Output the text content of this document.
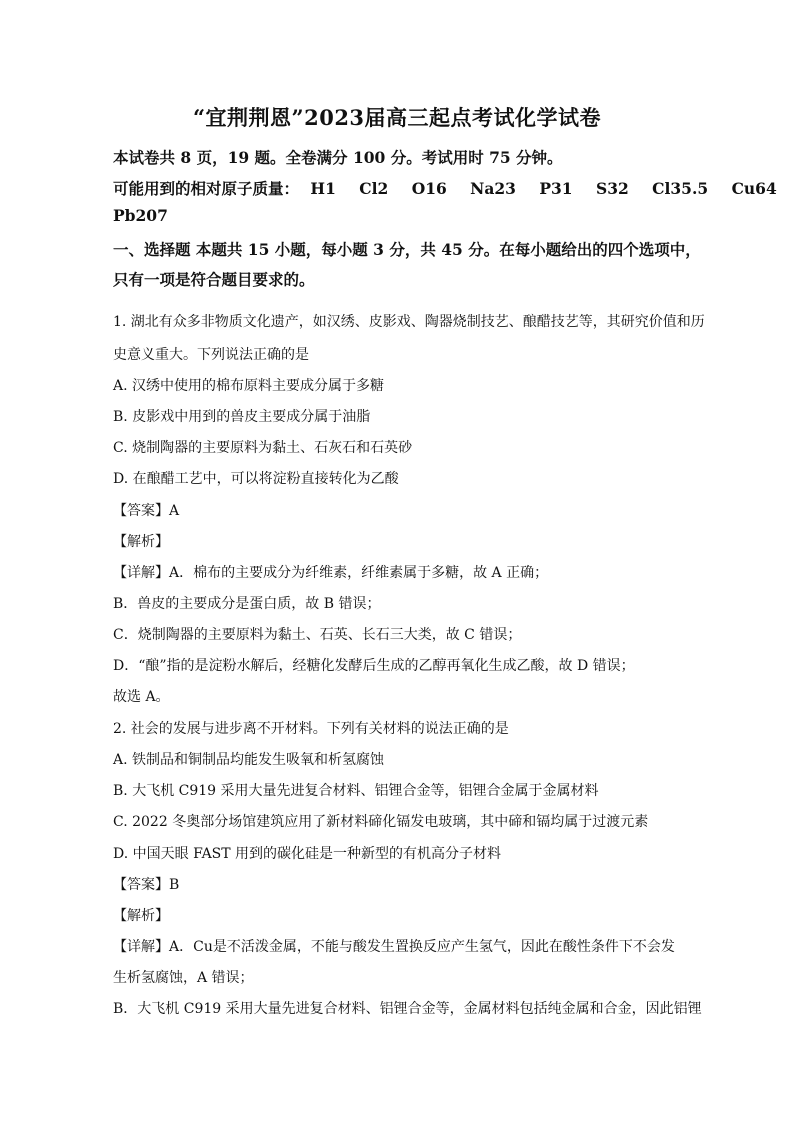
“宜荆荆恩”2023届高三起点考试化学试卷
本试卷共 8 页，19 题。全卷满分 100 分。考试用时 75 分钟。
可能用到的相对原子质量： H1 Cl2 O16 Na23 P31 S32 Cl35.5 Cu64
Pb207
一、选择题 本题共 15 小题，每小题 3 分，共 45 分。在每小题给出的四个选项中，
只有一项是符合题目要求的。
1. 湖北有众多非物质文化遗产，如汉绣、皮影戏、陶器烧制技艺、酿醋技艺等，其研究价值和历
史意义重大。下列说法正确的是
A. 汉绣中使用的棉布原料主要成分属于多糖
B. 皮影戏中用到的兽皮主要成分属于油脂
C. 烧制陶器的主要原料为黏土、石灰石和石英砂
D. 在酿醋工艺中，可以将淀粉直接转化为乙酸
【答案】A
【解析】
【详解】A．棉布的主要成分为纤维素，纤维素属于多糖，故 A 正确；
B．兽皮的主要成分是蛋白质，故 B 错误；
C．烧制陶器的主要原料为黏土、石英、长石三大类，故 C 错误；
D．“酿”指的是淀粉水解后，经糖化发酵后生成的乙醇再氧化生成乙酸，故 D 错误；
故选 A。
2. 社会的发展与进步离不开材料。下列有关材料的说法正确的是
A. 铁制品和铜制品均能发生吸氧和析氢腐蚀
B. 大飞机 C919 采用大量先进复合材料、铝锂合金等，铝锂合金属于金属材料
C. 2022 冬奥部分场馆建筑应用了新材料碲化镉发电玻璃，其中碲和镉均属于过渡元素
D. 中国天眼 FAST 用到的碳化硅是一种新型的有机高分子材料
【答案】B
【解析】
【详解】A．Cu是不活泼金属，不能与酸发生置换反应产生氢气，因此在酸性条件下不会发
生析氢腐蚀，A 错误；
B．大飞机 C919 采用大量先进复合材料、铝锂合金等，金属材料包括纯金属和合金，因此铝锂
